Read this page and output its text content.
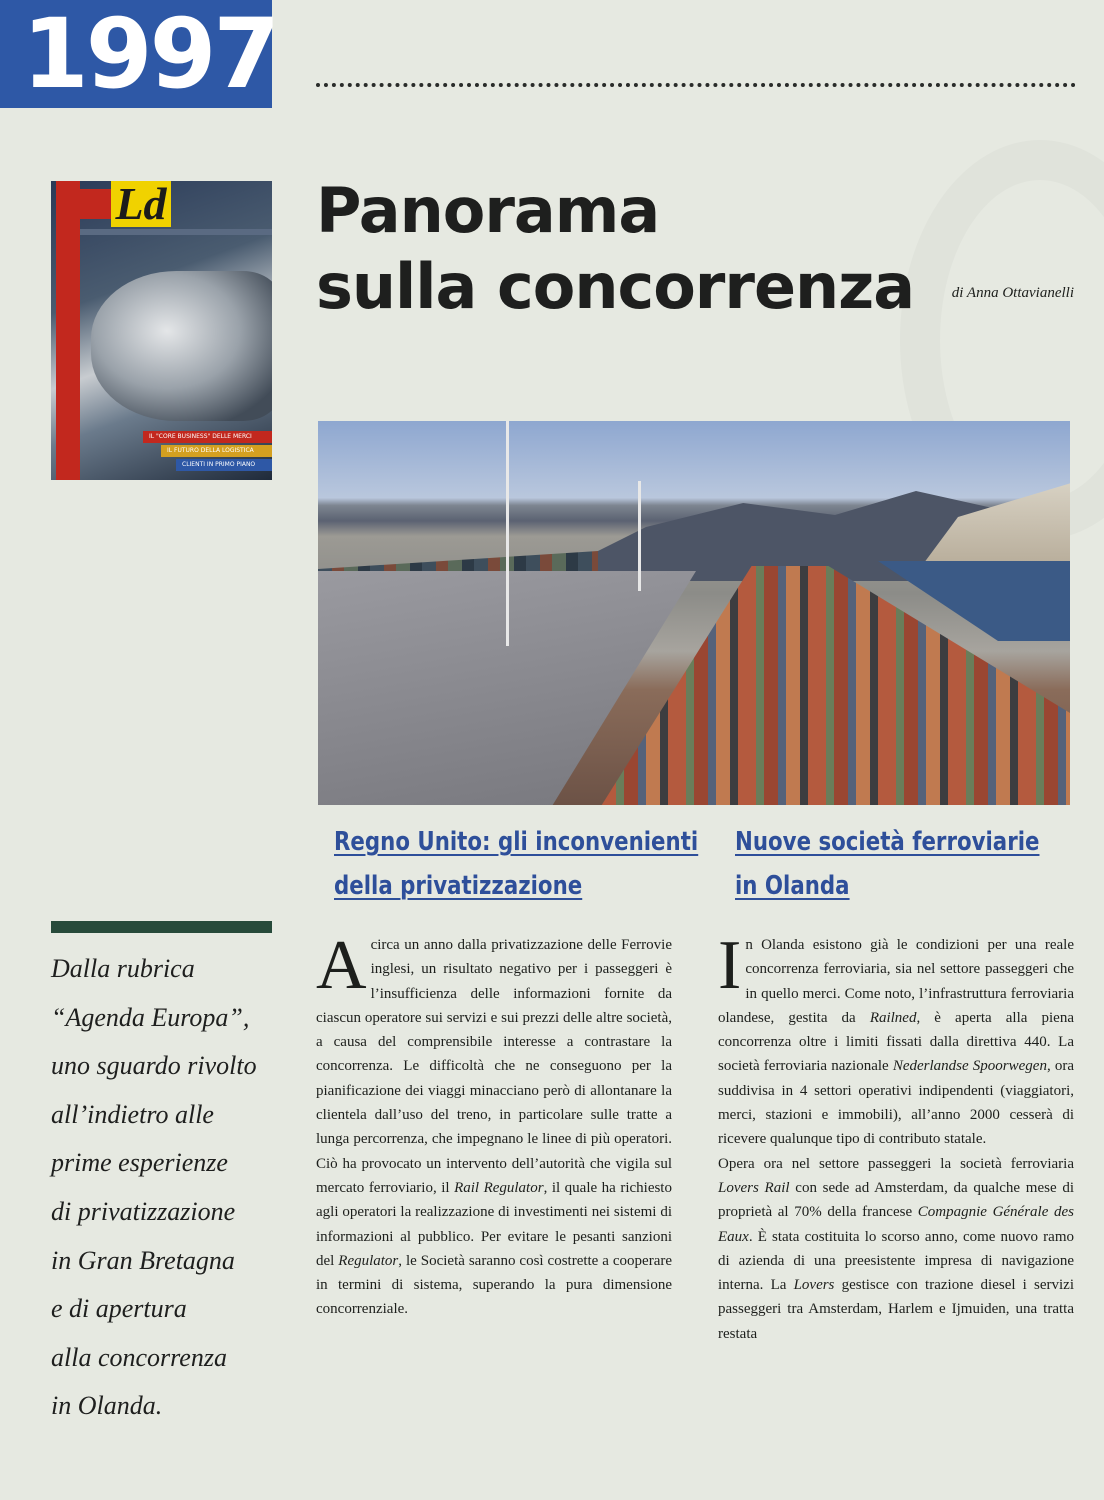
1997
Ld
IL "CORE BUSINESS" DELLE MERCI
IL FUTURO DELLA LOGISTICA
CLIENTI IN PRIMO PIANO
Panorama
sulla concorrenza	di Anna Ottavianelli

Dalla rubrica
“Agenda Europa”,
uno sguardo rivolto
all’indietro alle
prime esperienze
di privatizzazione
in Gran Bretagna
e di apertura
alla concorrenza
in Olanda.

Regno Unito: gli inconvenienti
della privatizzazione
Nuove società ferroviarie
in Olanda

Acirca un anno dalla privatizzazione delle Ferrovie inglesi, un risultato negativo per i passeggeri è l’insufficienza delle informazioni fornite da ciascun operatore sui servizi e sui prezzi delle altre società, a causa del comprensibile interesse a contrastare la concorrenza. Le difficoltà che ne conseguono per la pianificazione dei viaggi minacciano però di allontanare la clientela dall’uso del treno, in particolare sulle tratte a lunga percorrenza, che impegnano le linee di più operatori. Ciò ha provocato un intervento dell’autorità che vigila sul mercato ferroviario, il Rail Regulator, il quale ha richiesto agli operatori la realizzazione di investimenti nei sistemi di informazioni al pubblico. Per evitare le pesanti sanzioni del Regulator, le Società saranno così costrette a cooperare in termini di sistema, superando la pura dimensione concorrenziale.

In Olanda esistono già le condizioni per una reale concorrenza ferroviaria, sia nel settore passeggeri che in quello merci. Come noto, l’infrastruttura ferroviaria olandese, gestita da Railned, è aperta alla piena concorrenza oltre i limiti fissati dalla direttiva 440. La società ferroviaria nazionale Nederlandse Spoorwegen, ora suddivisa in 4 settori operativi indipendenti (viaggiatori, merci, stazioni e immobili), all’anno 2000 cesserà di ricevere qualunque tipo di contributo statale.

Opera ora nel settore passeggeri la società ferroviaria Lovers Rail con sede ad Amsterdam, da qualche mese di proprietà al 70% della francese Compagnie Générale des Eaux. È stata costituita lo scorso anno, come nuovo ramo di azienda di una preesistente impresa di navigazione interna. La Lovers gestisce con trazione diesel i servizi passeggeri tra Amsterdam, Harlem e Ijmuiden, una tratta restata
